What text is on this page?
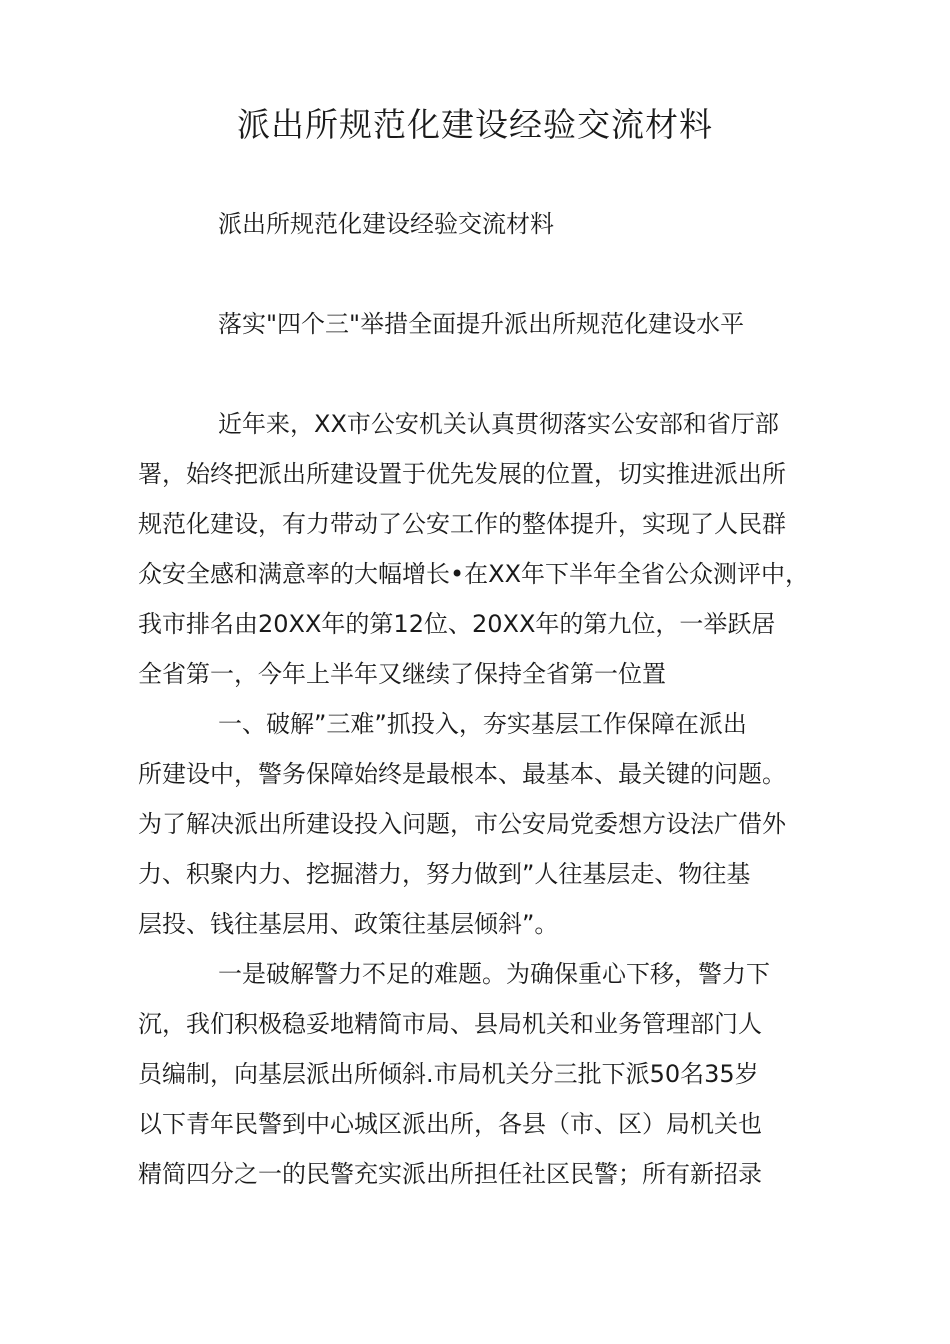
派出所规范化建设经验交流材料

派出所规范化建设经验交流材料

落实"四个三"举措全面提升派出所规范化建设水平

近年来，XX市公安机关认真贯彻落实公安部和省厅部

署，始终把派出所建设置于优先发展的位置，切实推进派出所

规范化建设，有力带动了公安工作的整体提升，实现了人民群

众安全感和满意率的大幅增长•在XX年下半年全省公众测评中，

我市排名由20XX年的第12位、20XX年的第九位，一举跃居

全省第一，今年上半年又继续了保持全省第一位置

一、破解”三难”抓投入，夯实基层工作保障在派出

所建设中，警务保障始终是最根本、最基本、最关键的问题。

为了解决派出所建设投入问题，市公安局党委想方设法广借外

力、积聚内力、挖掘潜力，努力做到”人往基层走、物往基

层投、钱往基层用、政策往基层倾斜”。

一是破解警力不足的难题。为确保重心下移，警力下

沉，我们积极稳妥地精简市局、县局机关和业务管理部门人

员编制，向基层派出所倾斜.市局机关分三批下派50名35岁

以下青年民警到中心城区派出所，各县（市、区）局机关也

精简四分之一的民警充实派出所担任社区民警；所有新招录
